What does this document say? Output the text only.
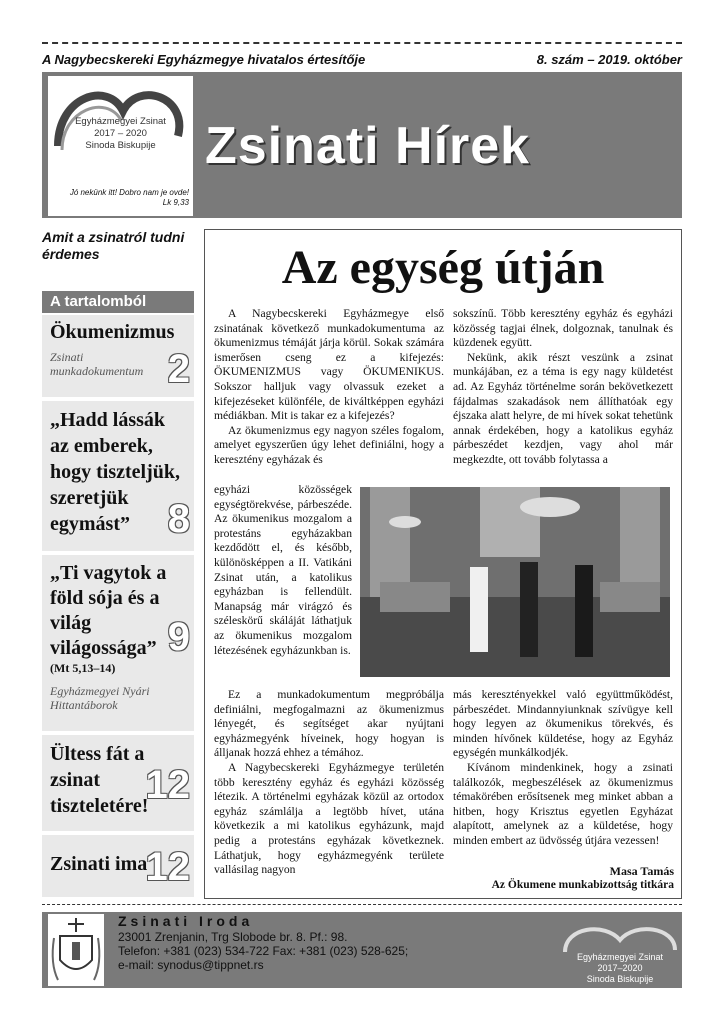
A Nagybecskereki Egyházmegye hivatalos értesítője	8. szám – 2019. október
Egyházmegyei Zsinat
2017 – 2020
Sinoda Biskupije
Jó nekünk itt! Dobro nam je ovde!
Lk 9,33
Zsinati Hírek
Amit a zsinatról tudni érdemes
A tartalomból
Ökumenizmus
Zsinati munkadokumentum 2
„Hadd lássák az emberek, hogy tiszteljük, szeretjük egymást” 8
„Ti vagytok a föld sója és a világ világossága”
(Mt 5,13–14)
Egyházmegyei Nyári Hittantáborok
9
Ültess fát a zsinat tiszteletére!
12
Zsinati ima
12
Az egység útján

A Nagybecskereki Egyházmegye első zsinatának következő munkadokumentuma az ökumenizmus témáját járja körül. Sokak számára ismerősen cseng ez a kifejezés: ÖKUMENIZMUS vagy ÖKUMENIKUS. Sokszor halljuk vagy olvassuk ezeket a kifejezéseket különféle, de kiváltképpen egyházi médiákban. Mit is takar ez a kifejezés?

Az ökumenizmus egy nagyon széles fogalom, amelyet egyszerűen úgy lehet definiálni, hogy a keresztény egyházak és

egyházi közösségek egységtörekvése, párbeszéde. Az ökumenikus mozgalom a protestáns egyházakban kezdődött el, és később, különösképpen a II. Vatikáni Zsinat után, a katolikus egyházban is fellendült. Manapság már virágzó és széleskörű skáláját láthatjuk az ökumenikus mozgalom létezésének egyházunkban is.

Ez a munkadokumentum megpróbálja definiálni, megfogalmazni az ökumenizmus lényegét, és segítséget akar nyújtani egyházmegyénk híveinek, hogy hogyan is álljanak hozzá ehhez a témához.

A Nagybecskereki Egyházmegye területén több keresztény egyház és egyházi közösség létezik. A történelmi egyházak közül az ortodox egyház számlálja a legtöbb hívet, utána következik a mi katolikus egyházunk, majd pedig a protestáns egyházak következnek. Láthatjuk, hogy egyházmegyénk területe vallásilag nagyon

sokszínű. Több keresztény egyház és egyházi közösség tagjai élnek, dolgoznak, tanulnak és küzdenek együtt.

Nekünk, akik részt veszünk a zsinat munkájában, ez a téma is egy nagy küldetést ad. Az Egyház történelme során bekövetkezett fájdalmas szakadások nem állíthatóak egy éjszaka alatt helyre, de mi hívek sokat tehetünk annak érdekében, hogy a katolikus egyház párbeszédet kezdjen, vagy ahol már megkezdte, ott tovább folytassa a

más keresztényekkel való együttműködést, párbeszédet. Mindannyiunknak szívügye kell hogy legyen az ökumenikus törekvés, és minden hívőnek küldetése, hogy az Egyház egységén munkálkodjék.

Kívánom mindenkinek, hogy a zsinati találkozók, megbeszélések az ökumenizmus témakörében erősítsenek meg minket abban a hitben, hogy Krisztus egyetlen Egyházat alapított, amelynek az a küldetése, hogy minden embert az üdvösség útjára vezessen!

Masa Tamás
Az Ökumene munkabizottság titkára
Zsinati Iroda
23001 Zrenjanin, Trg Slobode br. 8. Pf.: 98.
Telefon: +381 (023) 534-722 Fax: +381 (023) 528-625;
e-mail: synodus@tippnet.rs
Egyházmegyei Zsinat
2017–2020
Sinoda Biskupije
